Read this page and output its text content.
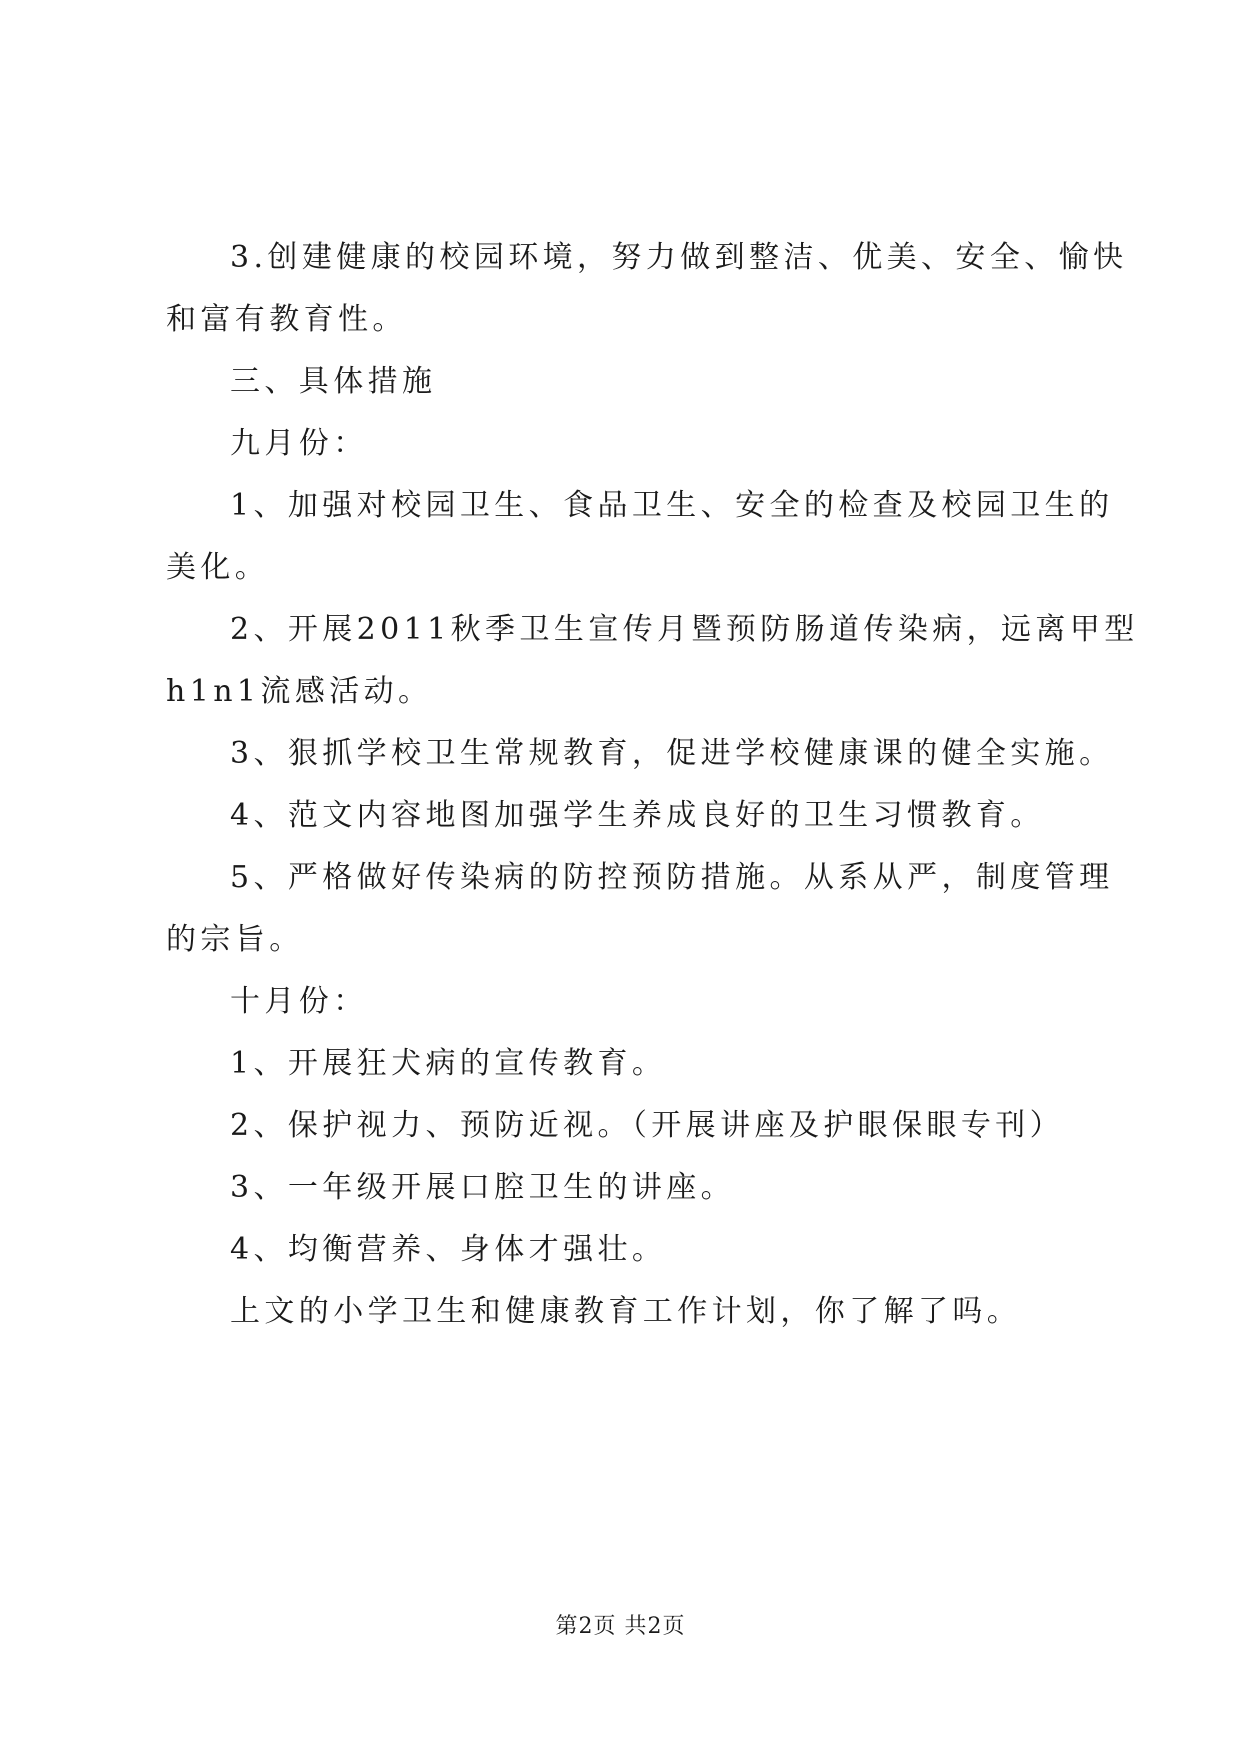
3.创建健康的校园环境，努力做到整洁、优美、安全、愉快
和富有教育性。
三、具体措施
九月份：
1、加强对校园卫生、食品卫生、安全的检查及校园卫生的
美化。
2、开展2011秋季卫生宣传月暨预防肠道传染病，远离甲型
h1n1流感活动。
3、狠抓学校卫生常规教育，促进学校健康课的健全实施。
4、范文内容地图加强学生养成良好的卫生习惯教育。
5、严格做好传染病的防控预防措施。从系从严，制度管理
的宗旨。
十月份：
1、开展狂犬病的宣传教育。
2、保护视力、预防近视。（开展讲座及护眼保眼专刊）
3、一年级开展口腔卫生的讲座。
4、均衡营养、身体才强壮。
上文的小学卫生和健康教育工作计划，你了解了吗。
第2页 共2页
